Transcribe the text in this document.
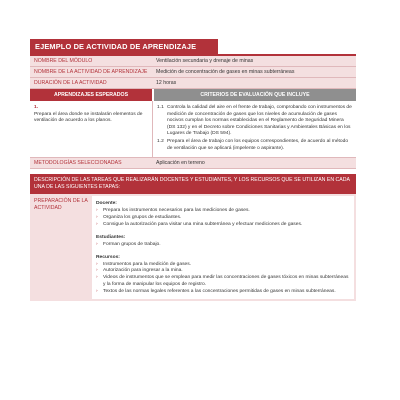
EJEMPLO DE ACTIVIDAD DE APRENDIZAJE
NOMBRE DEL MÓDULO	Ventilación secundaria y drenaje de minas
NOMBRE DE LA ACTIVIDAD DE APRENDIZAJE	Medición de concentración de gases en minas subterráneas
DURACIÓN DE LA ACTIVIDAD	12 horas
APRENDIZAJES ESPERADOS	CRITERIOS DE EVALUACIÓN QUE INCLUYE
1.
Prepara el área donde se instalarán elementos de ventilación de acuerdo a los planos.
1.1 Controla la calidad del aire en el frente de trabajo, comprobando con instrumentos de medición de concentración de gases que los niveles de acumulación de gases nocivos cumplan los normas establecidas en el Reglamento de Seguridad Minera (DS 132) y en el Decreto sobre Condiciones Sanitarias y Ambientales Básicas en los Lugares de Trabajo (DS 594).
1.2 Prepara el área de trabajo con los equipos correspondientes, de acuerdo al método de ventilación que se aplicará (impelente o aspirante).
METODOLOGÍAS SELECCIONADAS	Aplicación en terreno
DESCRIPCIÓN DE LAS TAREAS QUE REALIZARÁN DOCENTES Y ESTUDIANTES, Y LOS RECURSOS QUE SE UTILIZAN EN CADA UNA DE LAS SIGUIENTES ETAPAS:
PREPARACIÓN DE LA ACTIVIDAD
Docente:
›	Prepara los instrumentos necesarios para las mediciones de gases.
›	Organiza los grupos de estudiantes.
›	Consigue la autorización para visitar una mina subterránea y efectuar mediciones de gases.
Estudiantes:
›	Forman grupos de trabajo.
Recursos:
›	Instrumentos para la medición de gases.
›	Autorización para ingresar a la mina.
›	Videos de instrumentos que se emplean para medir las concentraciones de gases tóxicos en minas subterráneas y la forma de manipular los equipos de registro.
›	Textos de las normas legales referentes a las concentraciones permitidas de gases en minas subterráneas.
